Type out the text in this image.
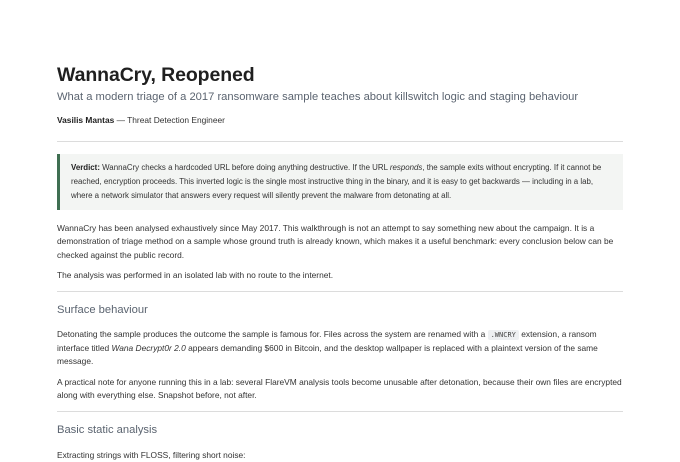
WannaCry, Reopened

What a modern triage of a 2017 ransomware sample teaches about killswitch logic and staging behaviour

Vasilis Mantas — Threat Detection Engineer

Verdict: WannaCry checks a hardcoded URL before doing anything destructive. If the URL responds, the sample exits without encrypting. If it cannot be reached, encryption proceeds. This inverted logic is the single most instructive thing in the binary, and it is easy to get backwards — including in a lab, where a network simulator that answers every request will silently prevent the malware from detonating at all.

WannaCry has been analysed exhaustively since May 2017. This walkthrough is not an attempt to say something new about the campaign. It is a demonstration of triage method on a sample whose ground truth is already known, which makes it a useful benchmark: every conclusion below can be checked against the public record.

The analysis was performed in an isolated lab with no route to the internet.

Surface behaviour

Detonating the sample produces the outcome the sample is famous for. Files across the system are renamed with a .WNCRY extension, a ransom interface titled Wana Decrypt0r 2.0 appears demanding $600 in Bitcoin, and the desktop wallpaper is replaced with a plaintext version of the same message.

A practical note for anyone running this in a lab: several FlareVM analysis tools become unusable after detonation, because their own files are encrypted along with everything else. Snapshot before, not after.

Basic static analysis

Extracting strings with FLOSS, filtering short noise:
